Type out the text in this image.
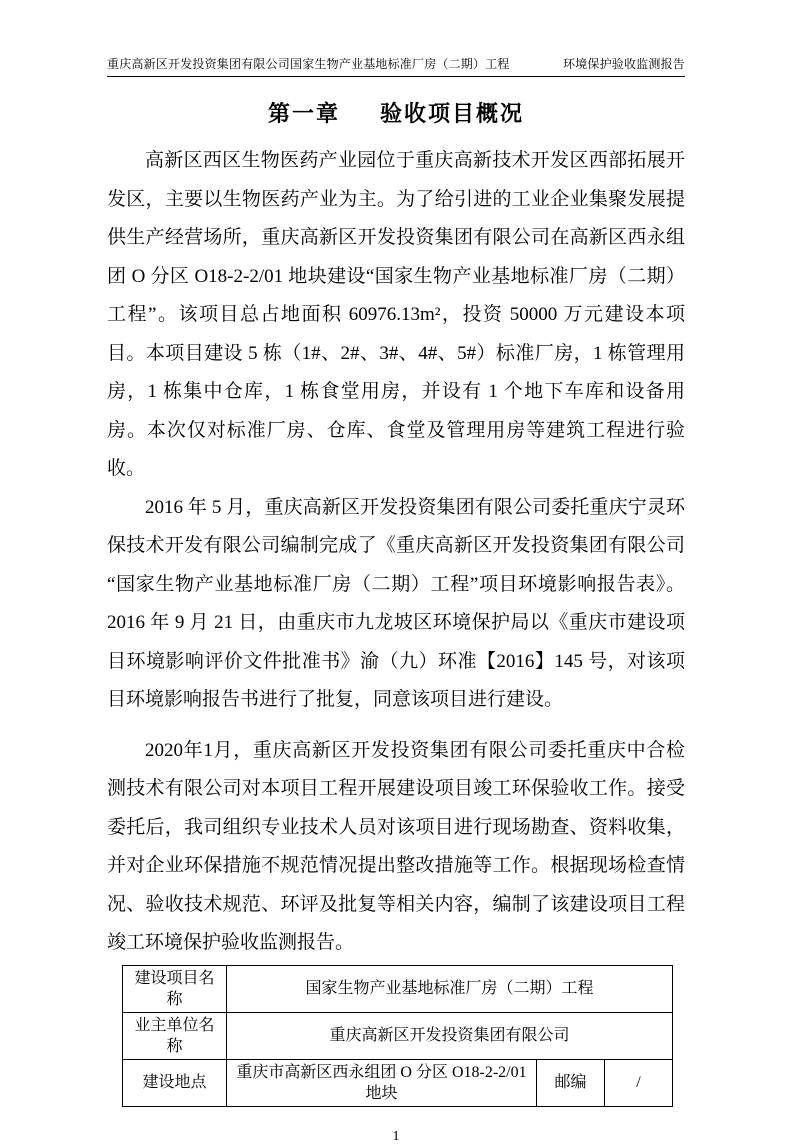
重庆高新区开发投资集团有限公司国家生物产业基地标准厂房（二期）工程	环境保护验收监测报告
第一章 验收项目概况

高新区西区生物医药产业园位于重庆高新技术开发区西部拓展开发区，主要以生物医药产业为主。为了给引进的工业企业集聚发展提供生产经营场所，重庆高新区开发投资集团有限公司在高新区西永组团 O 分区 O18-2-2/01 地块建设“国家生物产业基地标准厂房（二期）工程”。该项目总占地面积 60976.13m²，投资 50000 万元建设本项目。本项目建设 5 栋（1#、2#、3#、4#、5#）标准厂房，1 栋管理用房，1 栋集中仓库，1 栋食堂用房，并设有 1 个地下车库和设备用房。本次仅对标准厂房、仓库、食堂及管理用房等建筑工程进行验收。

2016 年 5 月，重庆高新区开发投资集团有限公司委托重庆宁灵环保技术开发有限公司编制完成了《重庆高新区开发投资集团有限公司“国家生物产业基地标准厂房（二期）工程”项目环境影响报告表》。2016 年 9 月 21 日，由重庆市九龙坡区环境保护局以《重庆市建设项目环境影响评价文件批准书》渝（九）环准【2016】145 号，对该项目环境影响报告书进行了批复，同意该项目进行建设。

2020年1月，重庆高新区开发投资集团有限公司委托重庆中合检测技术有限公司对本项目工程开展建设项目竣工环保验收工作。接受委托后，我司组织专业技术人员对该项目进行现场勘查、资料收集，并对企业环保措施不规范情况提出整改措施等工作。根据现场检查情况、验收技术规范、环评及批复等相关内容，编制了该建设项目工程竣工环境保护验收监测报告。

建设项目名称	国家生物产业基地标准厂房（二期）工程		
业主单位名称	重庆高新区开发投资集团有限公司		
建设地点	重庆市高新区西永组团 O 分区 O18-2-2/01 地块	邮编	/
1
